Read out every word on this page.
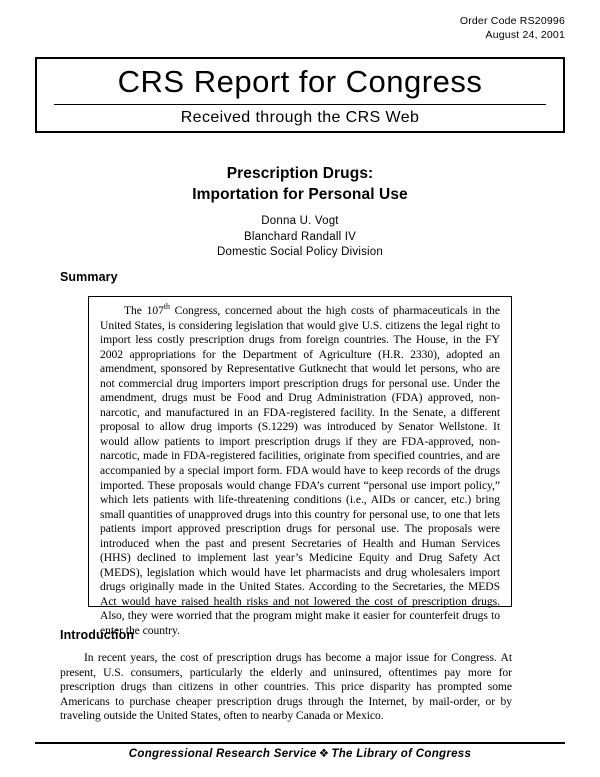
Order Code RS20996
August 24, 2001
CRS Report for Congress
Received through the CRS Web
Prescription Drugs:
Importation for Personal Use
Donna U. Vogt
Blanchard Randall IV
Domestic Social Policy Division
Summary

The 107th Congress, concerned about the high costs of pharmaceuticals in the United States, is considering legislation that would give U.S. citizens the legal right to import less costly prescription drugs from foreign countries. The House, in the FY 2002 appropriations for the Department of Agriculture (H.R. 2330), adopted an amendment, sponsored by Representative Gutknecht that would let persons, who are not commercial drug importers import prescription drugs for personal use. Under the amendment, drugs must be Food and Drug Administration (FDA) approved, non-narcotic, and manufactured in an FDA-registered facility. In the Senate, a different proposal to allow drug imports (S.1229) was introduced by Senator Wellstone. It would allow patients to import prescription drugs if they are FDA-approved, non-narcotic, made in FDA-registered facilities, originate from specified countries, and are accompanied by a special import form. FDA would have to keep records of the drugs imported. These proposals would change FDA’s current “personal use import policy,” which lets patients with life-threatening conditions (i.e., AIDs or cancer, etc.) bring small quantities of unapproved drugs into this country for personal use, to one that lets patients import approved prescription drugs for personal use. The proposals were introduced when the past and present Secretaries of Health and Human Services (HHS) declined to implement last year’s Medicine Equity and Drug Safety Act (MEDS), legislation which would have let pharmacists and drug wholesalers import drugs originally made in the United States. According to the Secretaries, the MEDS Act would have raised health risks and not lowered the cost of prescription drugs. Also, they were worried that the program might make it easier for counterfeit drugs to enter the country.

Introduction

In recent years, the cost of prescription drugs has become a major issue for Congress. At present, U.S. consumers, particularly the elderly and uninsured, oftentimes pay more for prescription drugs than citizens in other countries. This price disparity has prompted some Americans to purchase cheaper prescription drugs through the Internet, by mail-order, or by traveling outside the United States, often to nearby Canada or Mexico.

Congressional Research Service ❖ The Library of Congress
